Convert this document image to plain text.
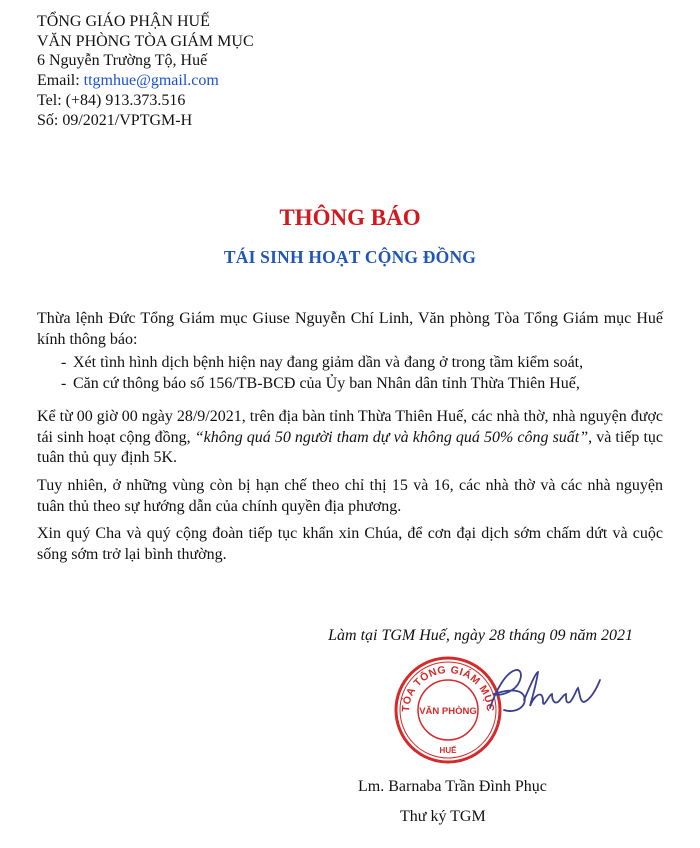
TỔNG GIÁO PHẬN HUẾ
VĂN PHÒNG TÒA GIÁM MỤC
6 Nguyễn Trường Tộ, Huế
Email: ttgmhue@gmail.com
Tel: (+84) 913.373.516
Số: 09/2021/VPTGM-H
THÔNG BÁO
TÁI SINH HOẠT CỘNG ĐỒNG
Thừa lệnh Đức Tổng Giám mục Giuse Nguyễn Chí Linh, Văn phòng Tòa Tổng Giám mục Huế kính thông báo:
- Xét tình hình dịch bệnh hiện nay đang giảm dần và đang ở trong tầm kiểm soát,
- Căn cứ thông báo số 156/TB-BCĐ của Ủy ban Nhân dân tỉnh Thừa Thiên Huế,
Kể từ 00 giờ 00 ngày 28/9/2021, trên địa bàn tỉnh Thừa Thiên Huế, các nhà thờ, nhà nguyện được tái sinh hoạt cộng đồng, “không quá 50 người tham dự và không quá 50% công suất”, và tiếp tục tuân thủ quy định 5K.
Tuy nhiên, ở những vùng còn bị hạn chế theo chỉ thị 15 và 16, các nhà thờ và các nhà nguyện tuân thủ theo sự hướng dẫn của chính quyền địa phương.
Xin quý Cha và quý cộng đoàn tiếp tục khẩn xin Chúa, để cơn đại dịch sớm chấm dứt và cuộc sống sớm trở lại bình thường.
Làm tại TGM Huế, ngày 28 tháng 09 năm 2021
TÒA TỔNG GIÁM MỤC
VĂN PHÒNG
HUẾ
Lm. Barnaba Trần Đình Phục
Thư ký TGM
